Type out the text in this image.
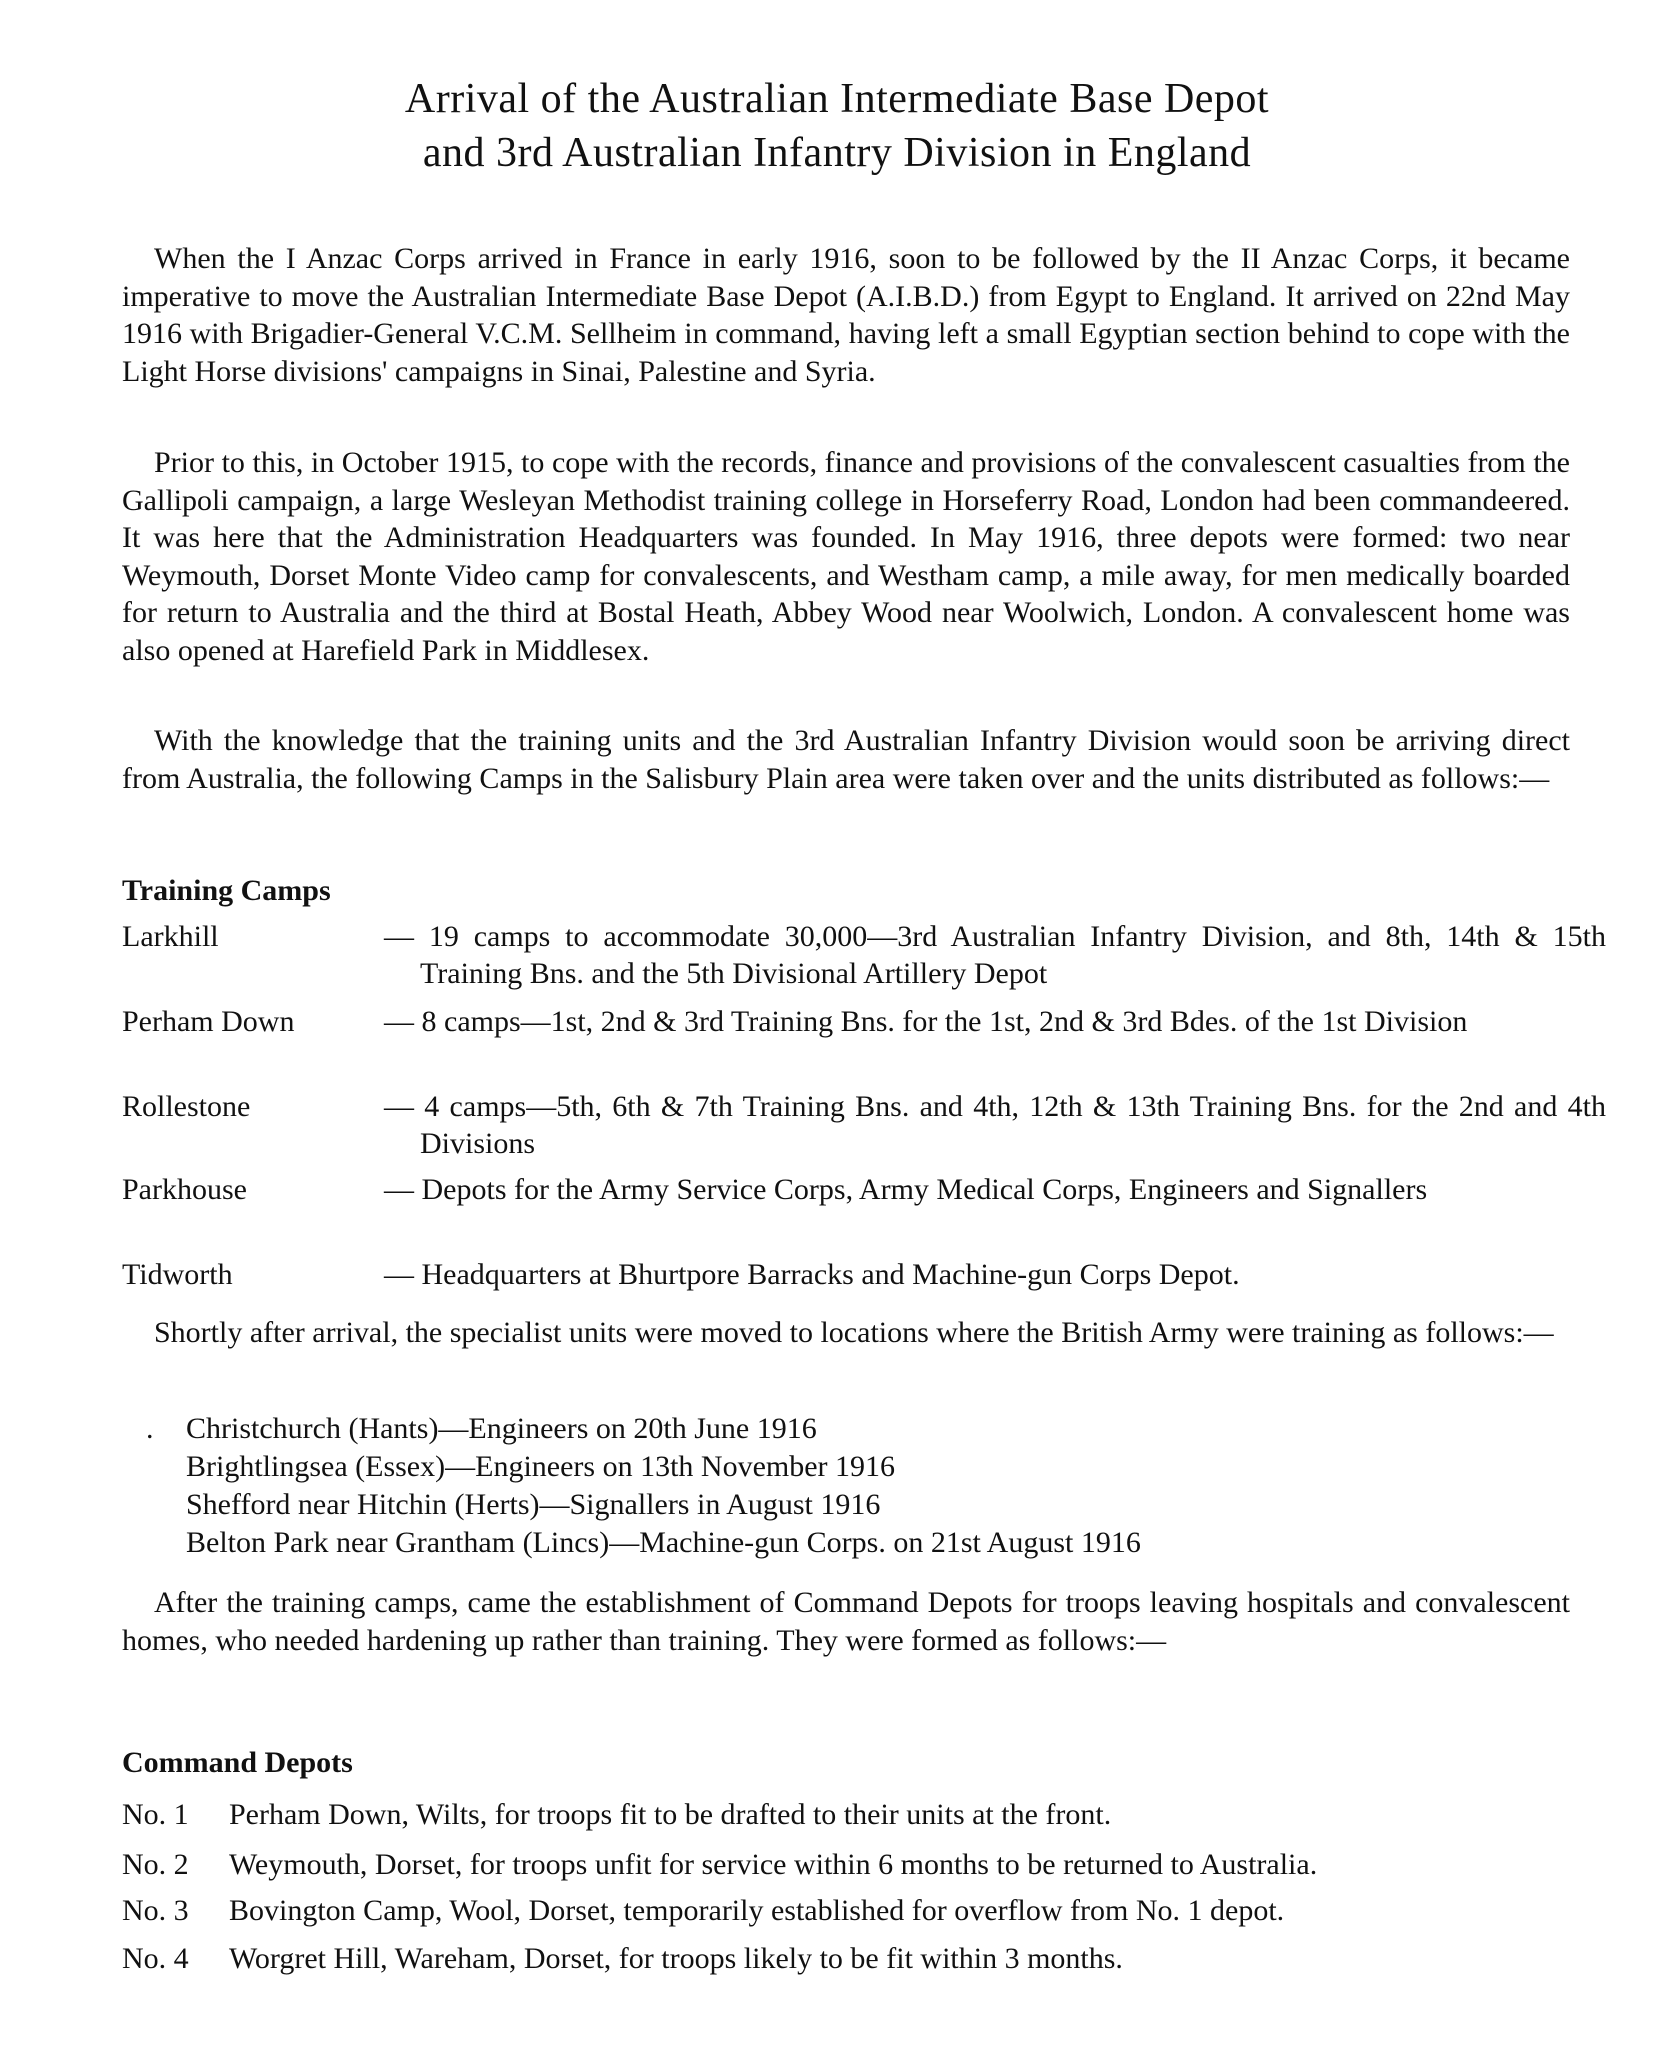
Arrival of the Australian Intermediate Base Depot
and 3rd Australian Infantry Division in England

When the I Anzac Corps arrived in France in early 1916, soon to be followed by the II Anzac Corps, it became imperative to move the Australian Intermediate Base Depot (A.I.B.D.) from Egypt to England. It arrived on 22nd May 1916 with Brigadier-General V.C.M. Sellheim in command, having left a small Egyptian section behind to cope with the Light Horse divisions' campaigns in Sinai, Palestine and Syria.

Prior to this, in October 1915, to cope with the records, finance and provisions of the convalescent casualties from the Gallipoli campaign, a large Wesleyan Methodist training college in Horseferry Road, London had been commandeered. It was here that the Administration Headquarters was founded. In May 1916, three depots were formed: two near Weymouth, Dorset Monte Video camp for convalescents, and Westham camp, a mile away, for men medically boarded for return to Australia and the third at Bostal Heath, Abbey Wood near Woolwich, London. A convalescent home was also opened at Harefield Park in Middlesex.

With the knowledge that the training units and the 3rd Australian Infantry Division would soon be arriving direct from Australia, the following Camps in the Salisbury Plain area were taken over and the units distributed as follows:—

Training Camps
Larkhill	— 19 camps to accommodate 30,000—3rd Australian Infantry Division, and 8th, 14th & 15th Training Bns. and the 5th Divisional Artillery Depot
Perham Down	— 8 camps—1st, 2nd & 3rd Training Bns. for the 1st, 2nd & 3rd Bdes. of the 1st Division
Rollestone	— 4 camps—5th, 6th & 7th Training Bns. and 4th, 12th & 13th Training Bns. for the 2nd and 4th Divisions
Parkhouse	— Depots for the Army Service Corps, Army Medical Corps, Engineers and Signallers
Tidworth	— Headquarters at Bhurtpore Barracks and Machine-gun Corps Depot.

Shortly after arrival, the specialist units were moved to locations where the British Army were training as follows:—

. Christchurch (Hants)—Engineers on 20th June 1916
Brightlingsea (Essex)—Engineers on 13th November 1916
Shefford near Hitchin (Herts)—Signallers in August 1916
Belton Park near Grantham (Lincs)—Machine-gun Corps. on 21st August 1916

After the training camps, came the establishment of Command Depots for troops leaving hospitals and convalescent homes, who needed hardening up rather than training. They were formed as follows:—

Command Depots
No. 1 Perham Down, Wilts, for troops fit to be drafted to their units at the front.
No. 2 Weymouth, Dorset, for troops unfit for service within 6 months to be returned to Australia.
No. 3 Bovington Camp, Wool, Dorset, temporarily established for overflow from No. 1 depot.
No. 4 Worgret Hill, Wareham, Dorset, for troops likely to be fit within 3 months.
